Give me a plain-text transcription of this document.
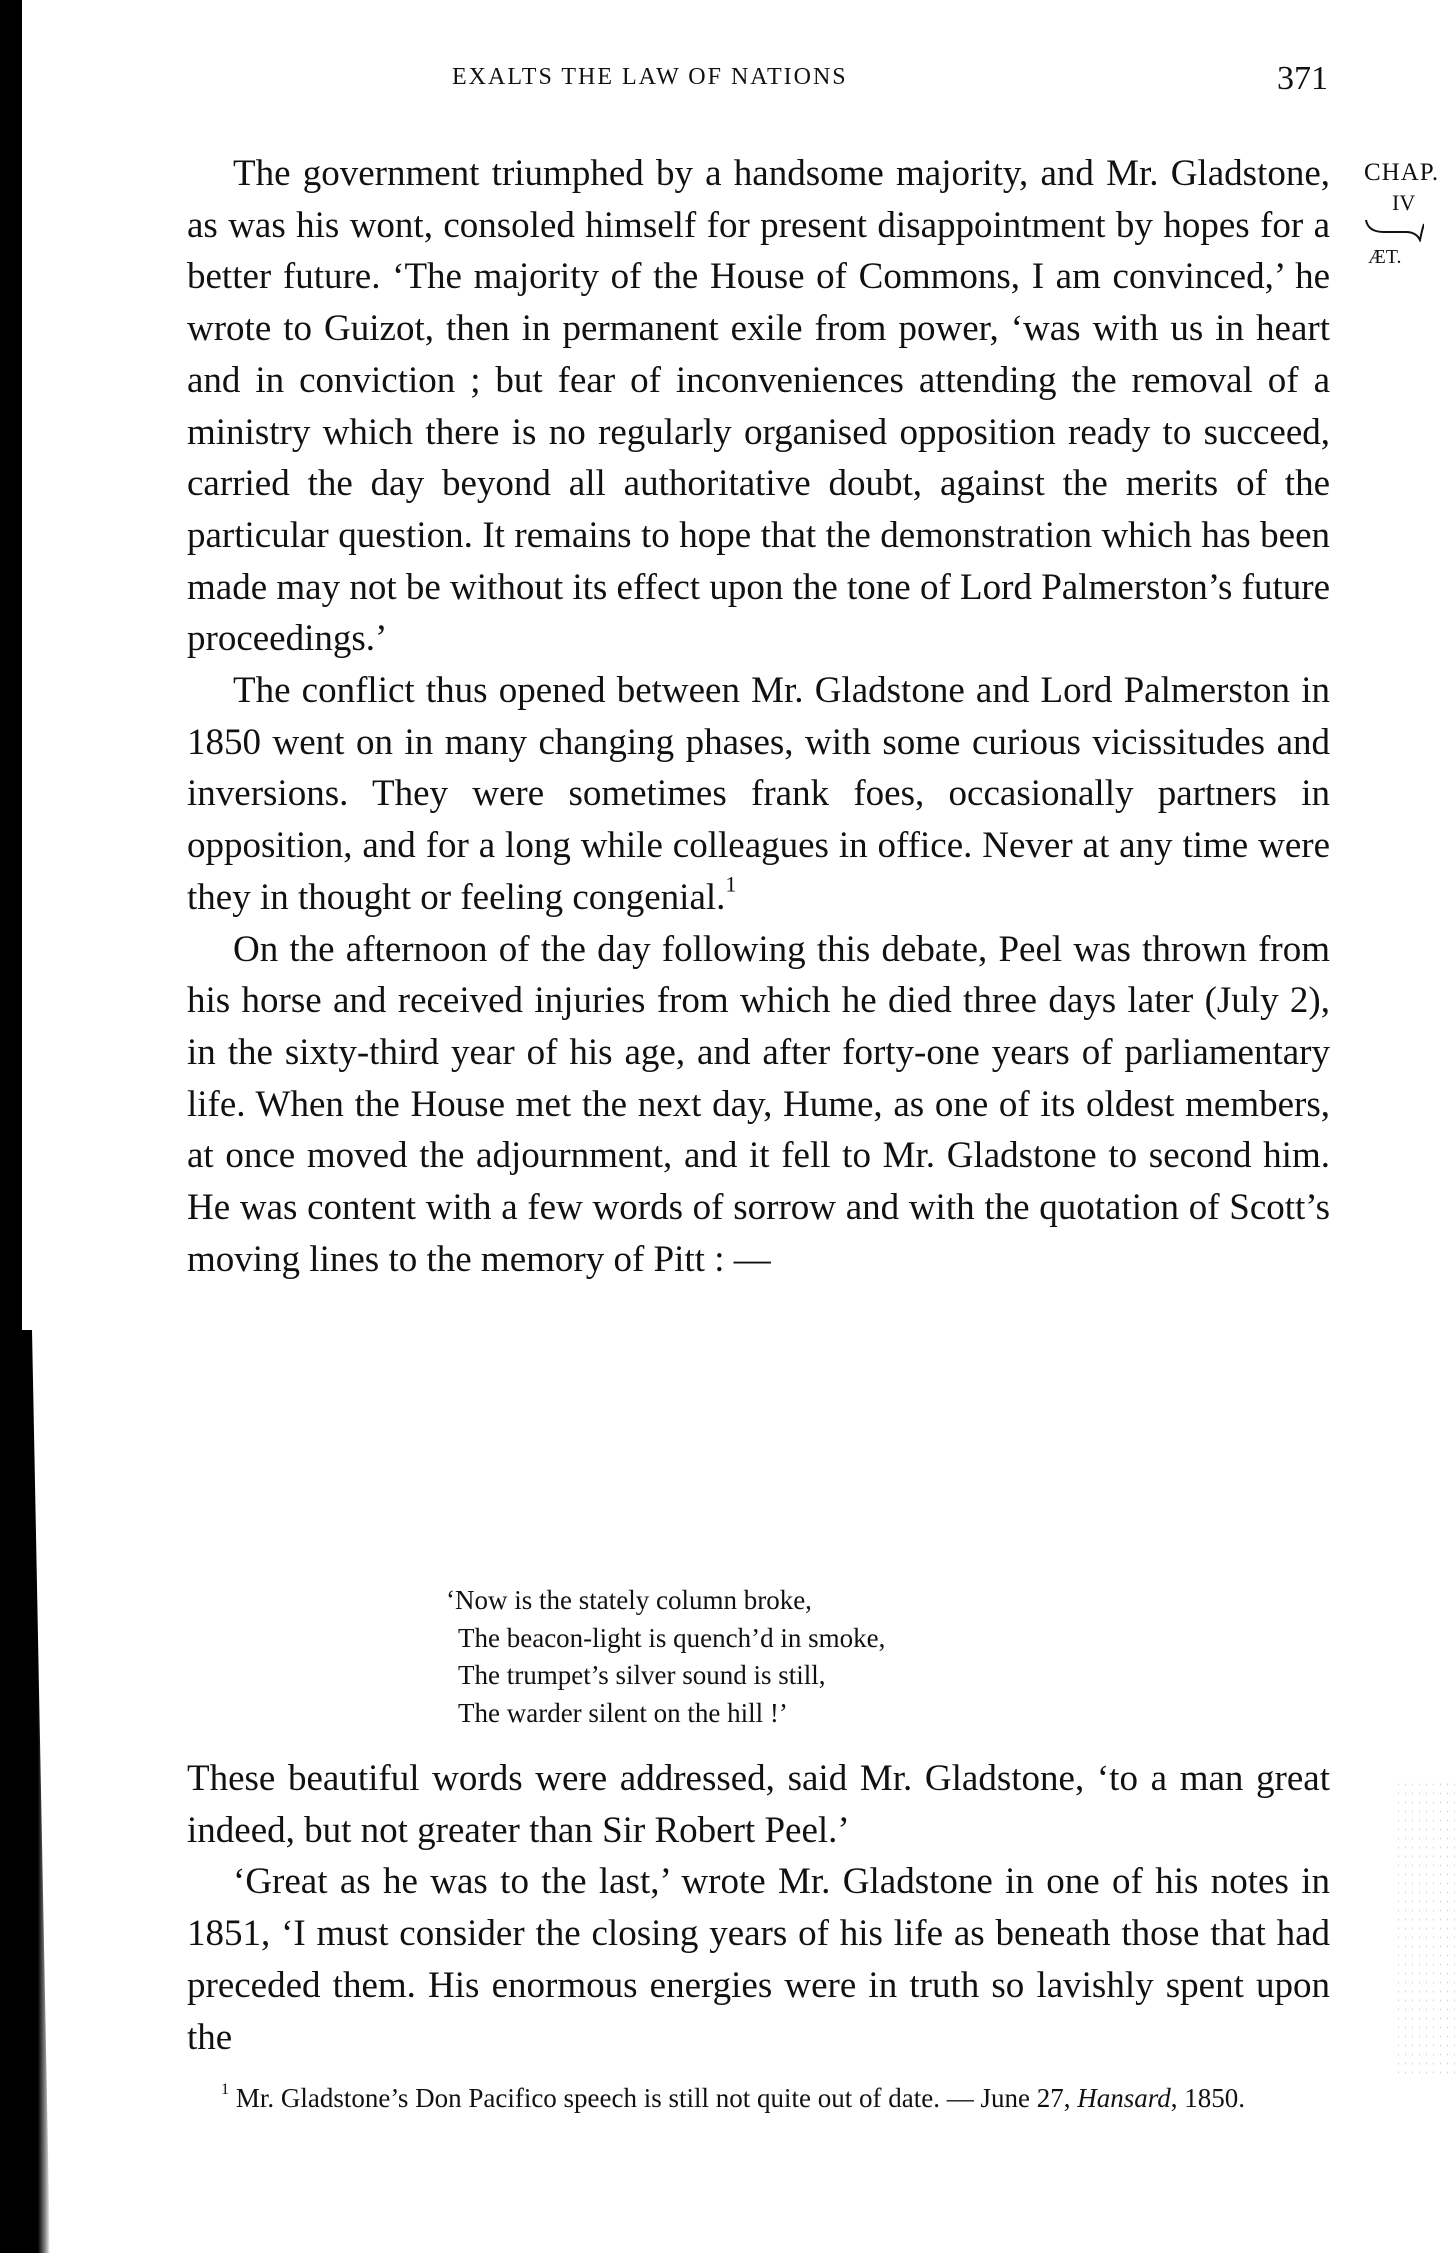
EXALTS THE LAW OF NATIONS	371
CHAP.
IV
ÆT.

The government triumphed by a handsome majority, and Mr. Gladstone, as was his wont, consoled himself for present disappointment by hopes for a better future. ‘The majority of the House of Commons, I am convinced,’ he wrote to Guizot, then in permanent exile from power, ‘was with us in heart and in conviction ; but fear of inconveniences attending the removal of a ministry which there is no regularly organised opposition ready to succeed, carried the day beyond all authoritative doubt, against the merits of the particular question. It remains to hope that the demonstration which has been made may not be without its effect upon the tone of Lord Palmerston’s future proceedings.’

The conflict thus opened between Mr. Gladstone and Lord Palmerston in 1850 went on in many changing phases, with some curious vicissitudes and inversions. They were sometimes frank foes, occasionally partners in opposition, and for a long while colleagues in office. Never at any time were they in thought or feeling congenial.$^1$

On the afternoon of the day following this debate, Peel was thrown from his horse and received injuries from which he died three days later (July 2), in the sixty-third year of his age, and after forty-one years of parliamentary life. When the House met the next day, Hume, as one of its oldest members, at once moved the adjournment, and it fell to Mr. Gladstone to second him. He was content with a few words of sorrow and with the quotation of Scott’s moving lines to the memory of Pitt : —

‘Now is the stately column broke,
The beacon-light is quench’d in smoke,
The trumpet’s silver sound is still,
The warder silent on the hill !’

These beautiful words were addressed, said Mr. Gladstone, ‘to a man great indeed, but not greater than Sir Robert Peel.’

‘Great as he was to the last,’ wrote Mr. Gladstone in one of his notes in 1851, ‘I must consider the closing years of his life as beneath those that had preceded them. His enormous energies were in truth so lavishly spent upon the

$^1$ Mr. Gladstone’s Don Pacifico speech is still not quite out of date. — June 27, Hansard, 1850.
